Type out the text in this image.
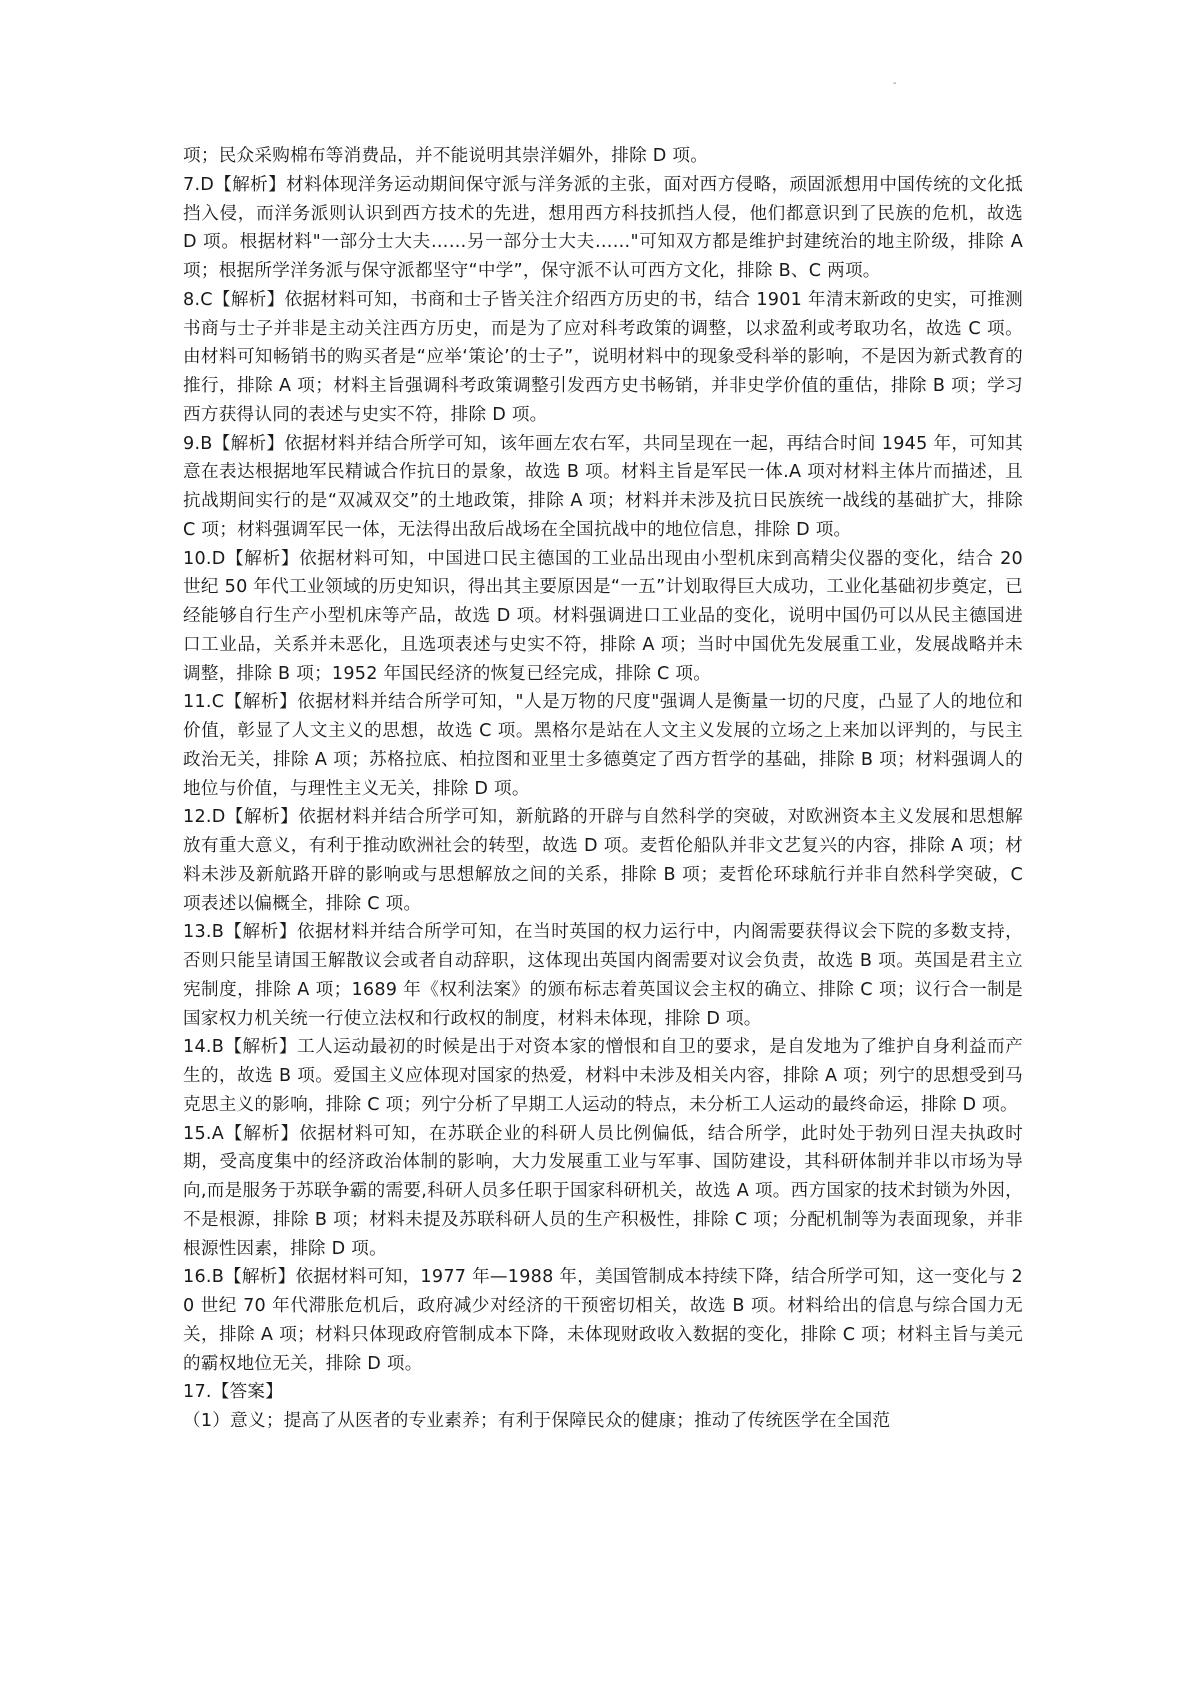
-

项；民众采购棉布等消费品，并不能说明其崇洋媚外，排除 D 项。

7.D【解析】材料体现洋务运动期间保守派与洋务派的主张，面对西方侵略，顽固派想用中国传统的文化抵挡入侵，而洋务派则认识到西方技术的先进，想用西方科技抓挡人侵，他们都意识到了民族的危机，故选 D 项。根据材料"一部分士大夫……另一部分士大夫……"可知双方都是维护封建统治的地主阶级，排除 A 项；根据所学洋务派与保守派都坚守“中学”，保守派不认可西方文化，排除 B、C 两项。

8.C【解析】依据材料可知，书商和士子皆关注介绍西方历史的书，结合 1901 年清末新政的史实，可推测书商与士子并非是主动关注西方历史，而是为了应对科考政策的调整，以求盈利或考取功名，故选 C 项。由材料可知畅销书的购买者是“应举‘策论’的士子”，说明材料中的现象受科举的影响，不是因为新式教育的推行，排除 A 项；材料主旨强调科考政策调整引发西方史书畅销，并非史学价值的重估，排除 B 项；学习西方获得认同的表述与史实不符，排除 D 项。

9.B【解析】依据材料并结合所学可知，该年画左农右军，共同呈现在一起，再结合时间 1945 年，可知其意在表达根据地军民精诚合作抗日的景象，故选 B 项。材料主旨是军民一体.A 项对材料主体片而描述，且抗战期间实行的是“双减双交”的土地政策，排除 A 项；材料并未涉及抗日民族统一战线的基础扩大，排除 C 项；材料强调军民一体，无法得出敌后战场在全国抗战中的地位信息，排除 D 项。

10.D【解析】依据材料可知，中国进口民主德国的工业品出现由小型机床到高精尖仪器的变化，结合 20 世纪 50 年代工业领域的历史知识，得出其主要原因是“一五”计划取得巨大成功，工业化基础初步奠定，已经能够自行生产小型机床等产品，故选 D 项。材料强调进口工业品的变化，说明中国仍可以从民主德国进口工业品，关系并未恶化，且选项表述与史实不符，排除 A 项；当时中国优先发展重工业，发展战略并未调整，排除 B 项；1952 年国民经济的恢复已经完成，排除 C 项。

11.C【解析】依据材料并结合所学可知，"人是万物的尺度"强调人是衡量一切的尺度，凸显了人的地位和价值，彰显了人文主义的思想，故选 C 项。黑格尔是站在人文主义发展的立场之上来加以评判的，与民主政治无关，排除 A 项；苏格拉底、柏拉图和亚里士多德奠定了西方哲学的基础，排除 B 项；材料强调人的地位与价值，与理性主义无关，排除 D 项。

12.D【解析】依据材料并结合所学可知，新航路的开辟与自然科学的突破，对欧洲资本主义发展和思想解放有重大意义，有利于推动欧洲社会的转型，故选 D 项。麦哲伦船队并非文艺复兴的内容，排除 A 项；材料未涉及新航路开辟的影响或与思想解放之间的关系，排除 B 项；麦哲伦环球航行并非自然科学突破，C 项表述以偏概全，排除 C 项。

13.B【解析】依据材料并结合所学可知，在当时英国的权力运行中，内阁需要获得议会下院的多数支持，否则只能呈请国王解散议会或者自动辞职，这体现出英国内阁需要对议会负责，故选 B 项。英国是君主立宪制度，排除 A 项；1689 年《权利法案》的颁布标志着英国议会主权的确立、排除 C 项；议行合一制是国家权力机关统一行使立法权和行政权的制度，材料未体现，排除 D 项。

14.B【解析】工人运动最初的时候是出于对资本家的憎恨和自卫的要求，是自发地为了维护自身利益而产生的，故选 B 项。爱国主义应体现对国家的热爱，材料中未涉及相关内容，排除 A 项；列宁的思想受到马克思主义的影响，排除 C 项；列宁分析了早期工人运动的特点，未分析工人运动的最终命运，排除 D 项。

15.A【解析】依据材料可知，在苏联企业的科研人员比例偏低，结合所学，此时处于勃列日涅夫执政时期，受高度集中的经济政治体制的影响，大力发展重工业与军事、国防建设，其科研体制并非以市场为导向,而是服务于苏联争霸的需要,科研人员多任职于国家科研机关，故选 A 项。西方国家的技术封锁为外因，不是根源，排除 B 项；材料未提及苏联科研人员的生产积极性，排除 C 项；分配机制等为表面现象，并非根源性因素，排除 D 项。

16.B【解析】依据材料可知，1977 年—1988 年，美国管制成本持续下降，结合所学可知，这一变化与 20 世纪 70 年代滞胀危机后，政府减少对经济的干预密切相关，故选 B 项。材料给出的信息与综合国力无关，排除 A 项；材料只体现政府管制成本下降，未体现财政收入数据的变化，排除 C 项；材料主旨与美元的霸权地位无关，排除 D 项。

17.【答案】

（1）意义；提高了从医者的专业素养；有利于保障民众的健康；推动了传统医学在全国范
